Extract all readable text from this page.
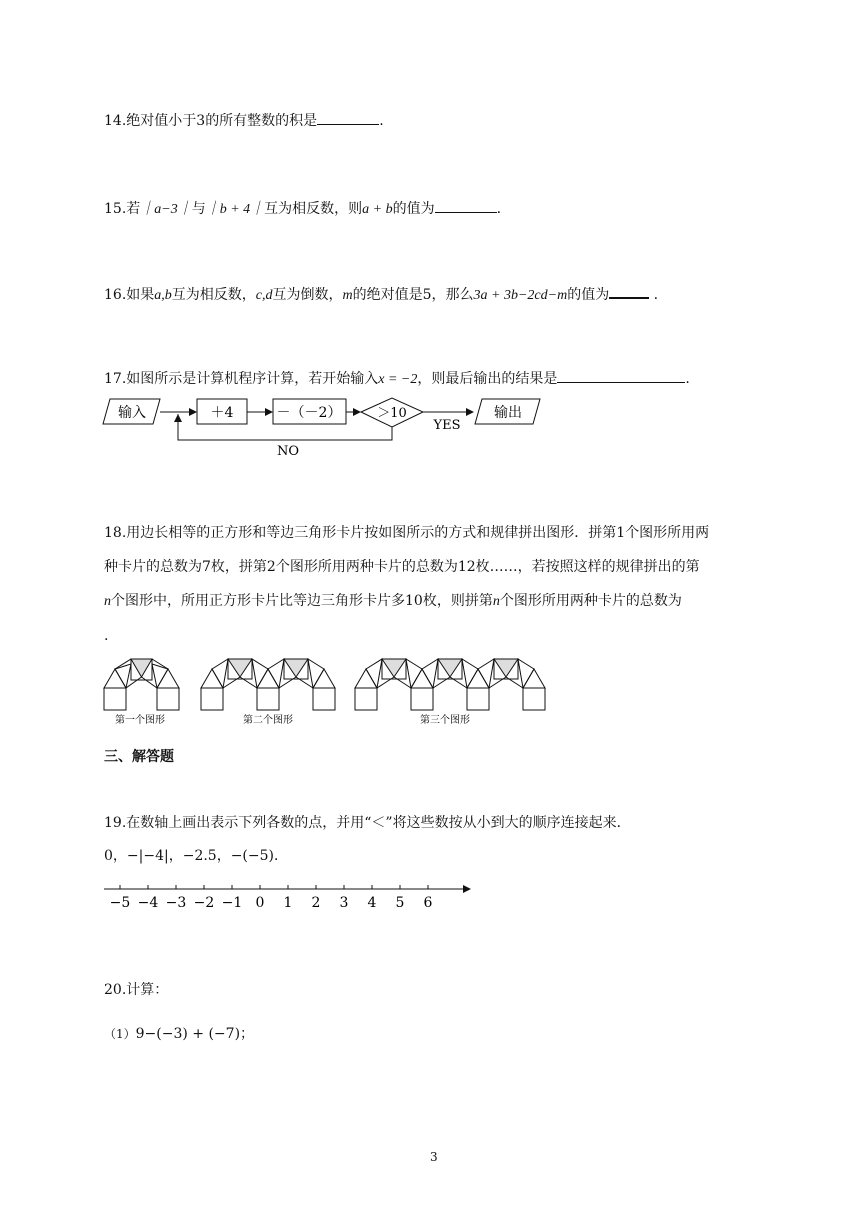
14.绝对值小于3的所有整数的积是	.
15.若｜a−3｜与｜b + 4｜互为相反数，则a + b的值为	.
16.如果a,b互为相反数，c,d互为倒数，m的绝对值是5，那么3a + 3b−2cd−m的值为	.
17.如图所示是计算机程序计算，若开始输入x = −2，则最后输出的结果是	.
输入	＋4	－（－2）	＞10
YES
输出
NO
18.用边长相等的正方形和等边三角形卡片按如图所示的方式和规律拼出图形．拼第1个图形所用两
种卡片的总数为7枚，拼第2个图形所用两种卡片的总数为12枚……，若按照这样的规律拼出的第
n个图形中，所用正方形卡片比等边三角形卡片多10枚，则拼第n个图形所用两种卡片的总数为
.
第一个图形	第二个图形	第三个图形
三、解答题
19.在数轴上画出表示下列各数的点，并用“＜”将这些数按从小到大的顺序连接起来．
0，−|−4|，−2.5，−(−5)．
−5 −4 −3 −2 −1 0 1 2 3 4 5 6
20.计算：
（1）9−(−3) + (−7)；
3
